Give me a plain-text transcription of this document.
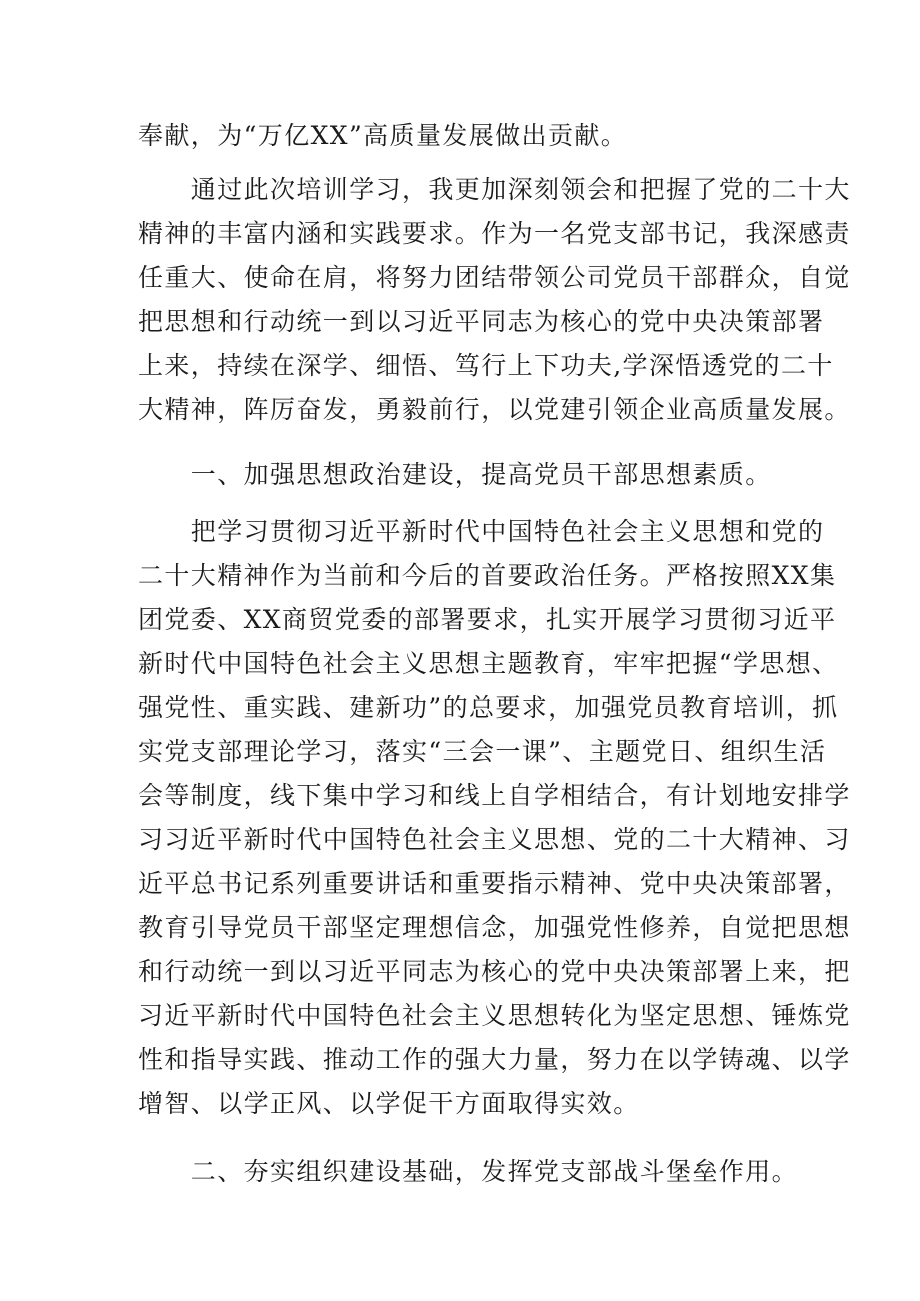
奉献，为“万亿XX”高质量发展做出贡献。
　　通过此次培训学习，我更加深刻领会和把握了党的二十大
精神的丰富内涵和实践要求。作为一名党支部书记，我深感责
任重大、使命在肩，将努力团结带领公司党员干部群众，自觉
把思想和行动统一到以习近平同志为核心的党中央决策部署
上来，持续在深学、细悟、笃行上下功夫,学深悟透党的二十
大精神，阵厉奋发，勇毅前行，以党建引领企业高质量发展。
　　一、加强思想政治建设，提高党员干部思想素质。
　　把学习贯彻习近平新时代中国特色社会主义思想和党的
二十大精神作为当前和今后的首要政治任务。严格按照XX集
团党委、XX商贸党委的部署要求，扎实开展学习贯彻习近平
新时代中国特色社会主义思想主题教育，牢牢把握“学思想、
强党性、重实践、建新功”的总要求，加强党员教育培训，抓
实党支部理论学习，落实“三会一课”、主题党日、组织生活
会等制度，线下集中学习和线上自学相结合，有计划地安排学
习习近平新时代中国特色社会主义思想、党的二十大精神、习
近平总书记系列重要讲话和重要指示精神、党中央决策部署，
教育引导党员干部坚定理想信念，加强党性修养，自觉把思想
和行动统一到以习近平同志为核心的党中央决策部署上来，把
习近平新时代中国特色社会主义思想转化为坚定思想、锤炼党
性和指导实践、推动工作的强大力量，努力在以学铸魂、以学
增智、以学正风、以学促干方面取得实效。
　　二、夯实组织建设基础，发挥党支部战斗堡垒作用。
